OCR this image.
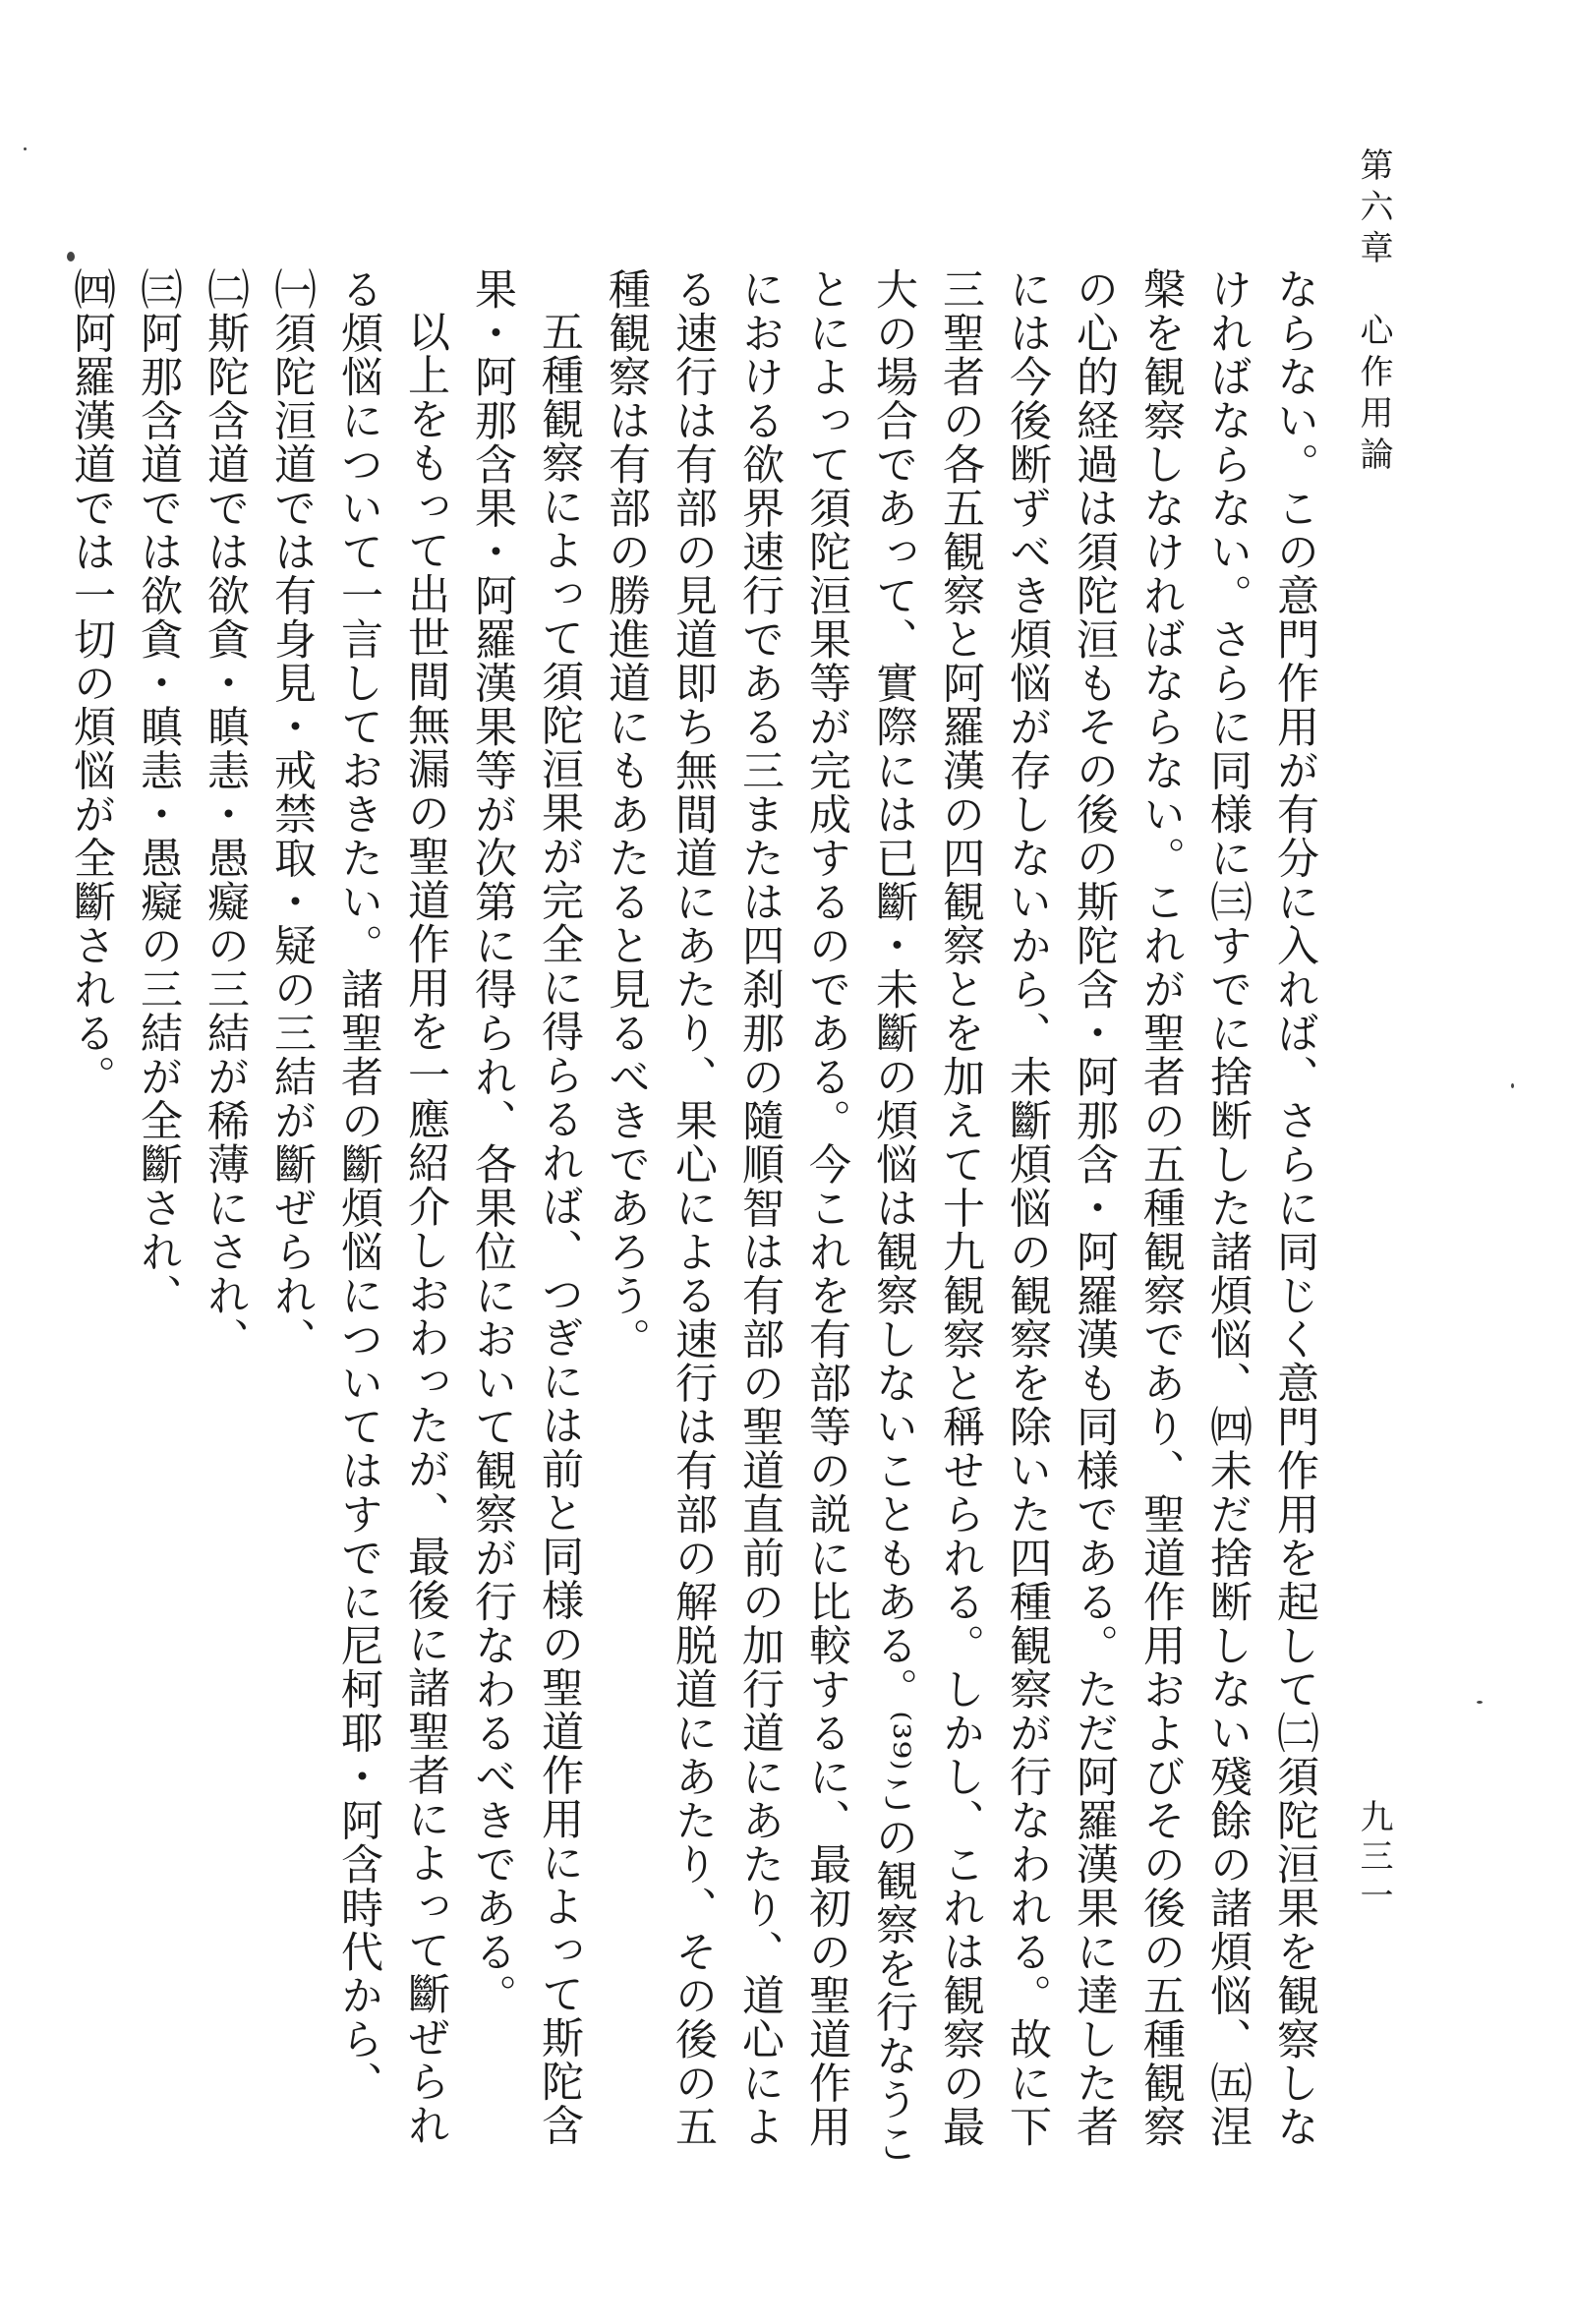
第六章　心作用論
九三一

ならない。この意門作用が有分に入れば、さらに同じく意門作用を起して㈡須陀洹果を観察しなければならない。さらに同様に㈢すでに捨断した諸煩悩、㈣未だ捨断しない殘餘の諸煩悩、㈤涅槃を観察しなければならない。これが聖者の五種観察であり、聖道作用およびその後の五種観察の心的経過は須陀洹もその後の斯陀含・阿那含・阿羅漢も同様である。ただ阿羅漢果に達した者には今後断ずべき煩悩が存しないから、未斷煩悩の観察を除いた四種観察が行なわれる。故に下三聖者の各五観察と阿羅漢の四観察とを加えて十九観察と稱せられる。しかし、これは観察の最大の場合であって、實際には已斷・未斷の煩悩は観察しないこともある。⁽³⁹⁾この観察を行なうことによって須陀洹果等が完成するのである。今これを有部等の説に比較するに、最初の聖道作用における欲界速行である三または四刹那の隨順智は有部の聖道直前の加行道にあたり、道心による速行は有部の見道即ち無間道にあたり、果心による速行は有部の解脱道にあたり、その後の五種観察は有部の勝進道にもあたると見るべきであろう。

五種観察によって須陀洹果が完全に得らるれば、つぎには前と同様の聖道作用によって斯陀含果・阿那含果・阿羅漢果等が次第に得られ、各果位において観察が行なわるべきである。

以上をもって出世間無漏の聖道作用を一應紹介しおわったが、最後に諸聖者によって斷ぜられる煩悩について一言しておきたい。諸聖者の斷煩悩についてはすでに尼柯耶・阿含時代から、

㈠須陀洹道では有身見・戒禁取・疑の三結が斷ぜられ、

㈡斯陀含道では欲貪・瞋恚・愚癡の三結が稀薄にされ、

㈢阿那含道では欲貪・瞋恚・愚癡の三結が全斷され、

㈣阿羅漢道では一切の煩悩が全斷される。
